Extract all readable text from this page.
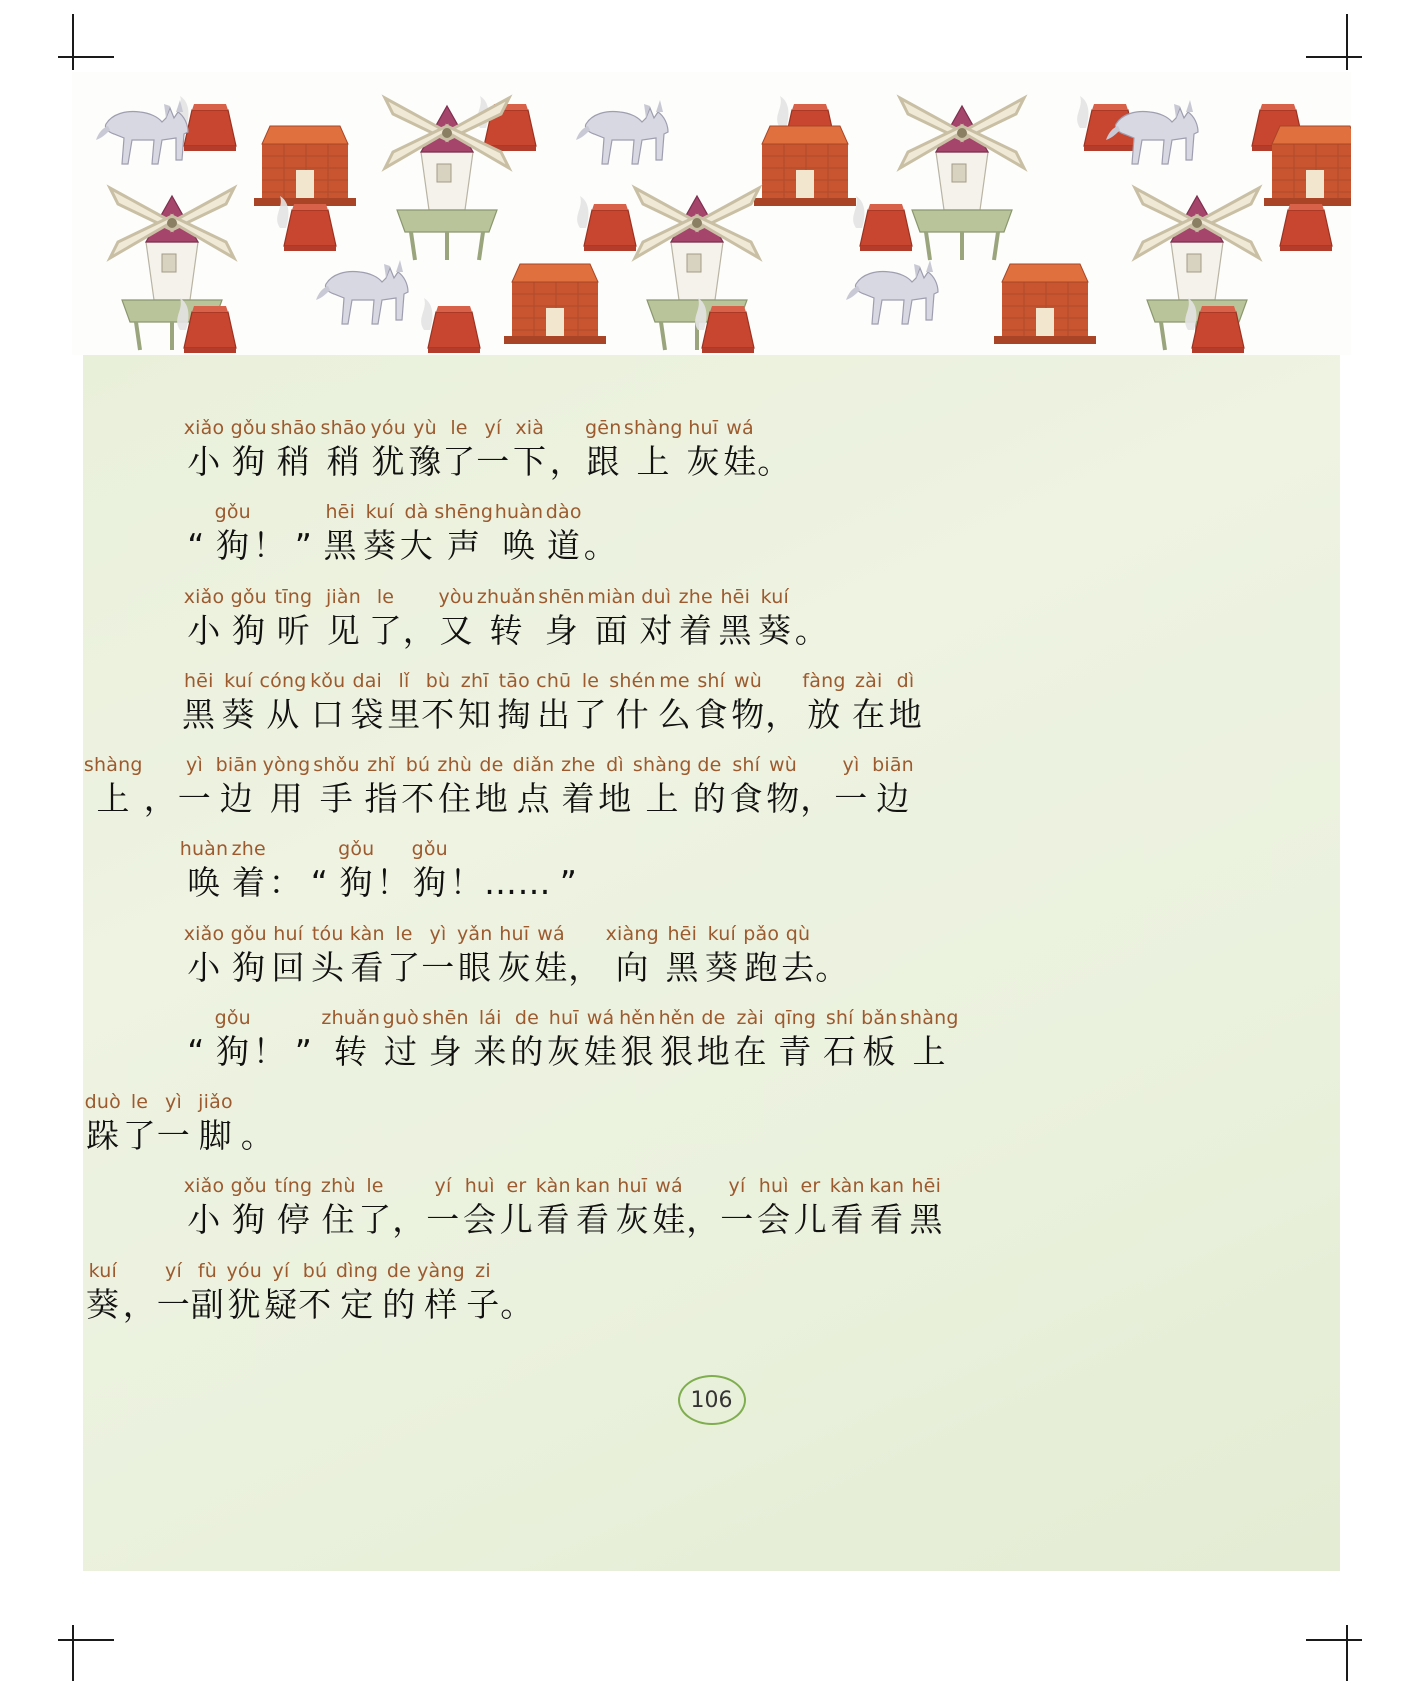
xiǎo gǒu shāo shāo yóu yù le yí xià gēn shàng huī wá
小 狗 稍 稍 犹 豫 了 一 下 ， 跟 上 灰 娃 。
gǒu	hēi kuí dà shēng huàn dào
“ 狗 ！ ” 黑 葵 大 声 唤 道 。
xiǎo gǒu tīng jiàn le	yòu zhuǎn shēn miàn duì zhe hēi kuí
小 狗 听 见 了 ， 又 转 身 面 对 着 黑 葵 。
hēi kuí cóng kǒu dai lǐ bù zhī tāo chū le shén me shí wù fàng zài dì
黑 葵 从 口 袋 里 不 知 掏 出 了 什 么 食 物 ， 放 在 地
shàng	yì biān yòng shǒu zhǐ bú zhù de diǎn zhe dì shàng de shí wù	yì biān
上 ， 一 边 用 手 指 不 住 地 点 着 地 上 的 食 物 ， 一 边
huàn zhe	gǒu gǒu
唤 着 ： “ 狗 ！ 狗 ！ …… ”
xiǎo gǒu huí tóu kàn le yì yǎn huī wá xiàng hēi kuí pǎo qù
小 狗 回 头 看 了 一 眼 灰 娃 ， 向 黑 葵 跑 去 。
gǒu	zhuǎn guò shēn lái de huī wá hěn hěn de zài qīng shí bǎn shàng
“ 狗 ！ ” 转 过 身 来 的 灰 娃 狠 狠 地 在 青 石 板 上
duò le yì jiǎo
跺 了 一 脚 。
xiǎo gǒu tíng zhù le	yí huì er kàn kan huī wá	yí huì er kàn kan hēi
小 狗 停 住 了 ， 一 会 儿 看 看 灰 娃 ， 一 会 儿 看 看 黑
kuí	yí fù yóu yí bú dìng de yàng zi
葵 ， 一 副 犹 疑 不 定 的 样 子 。
106
